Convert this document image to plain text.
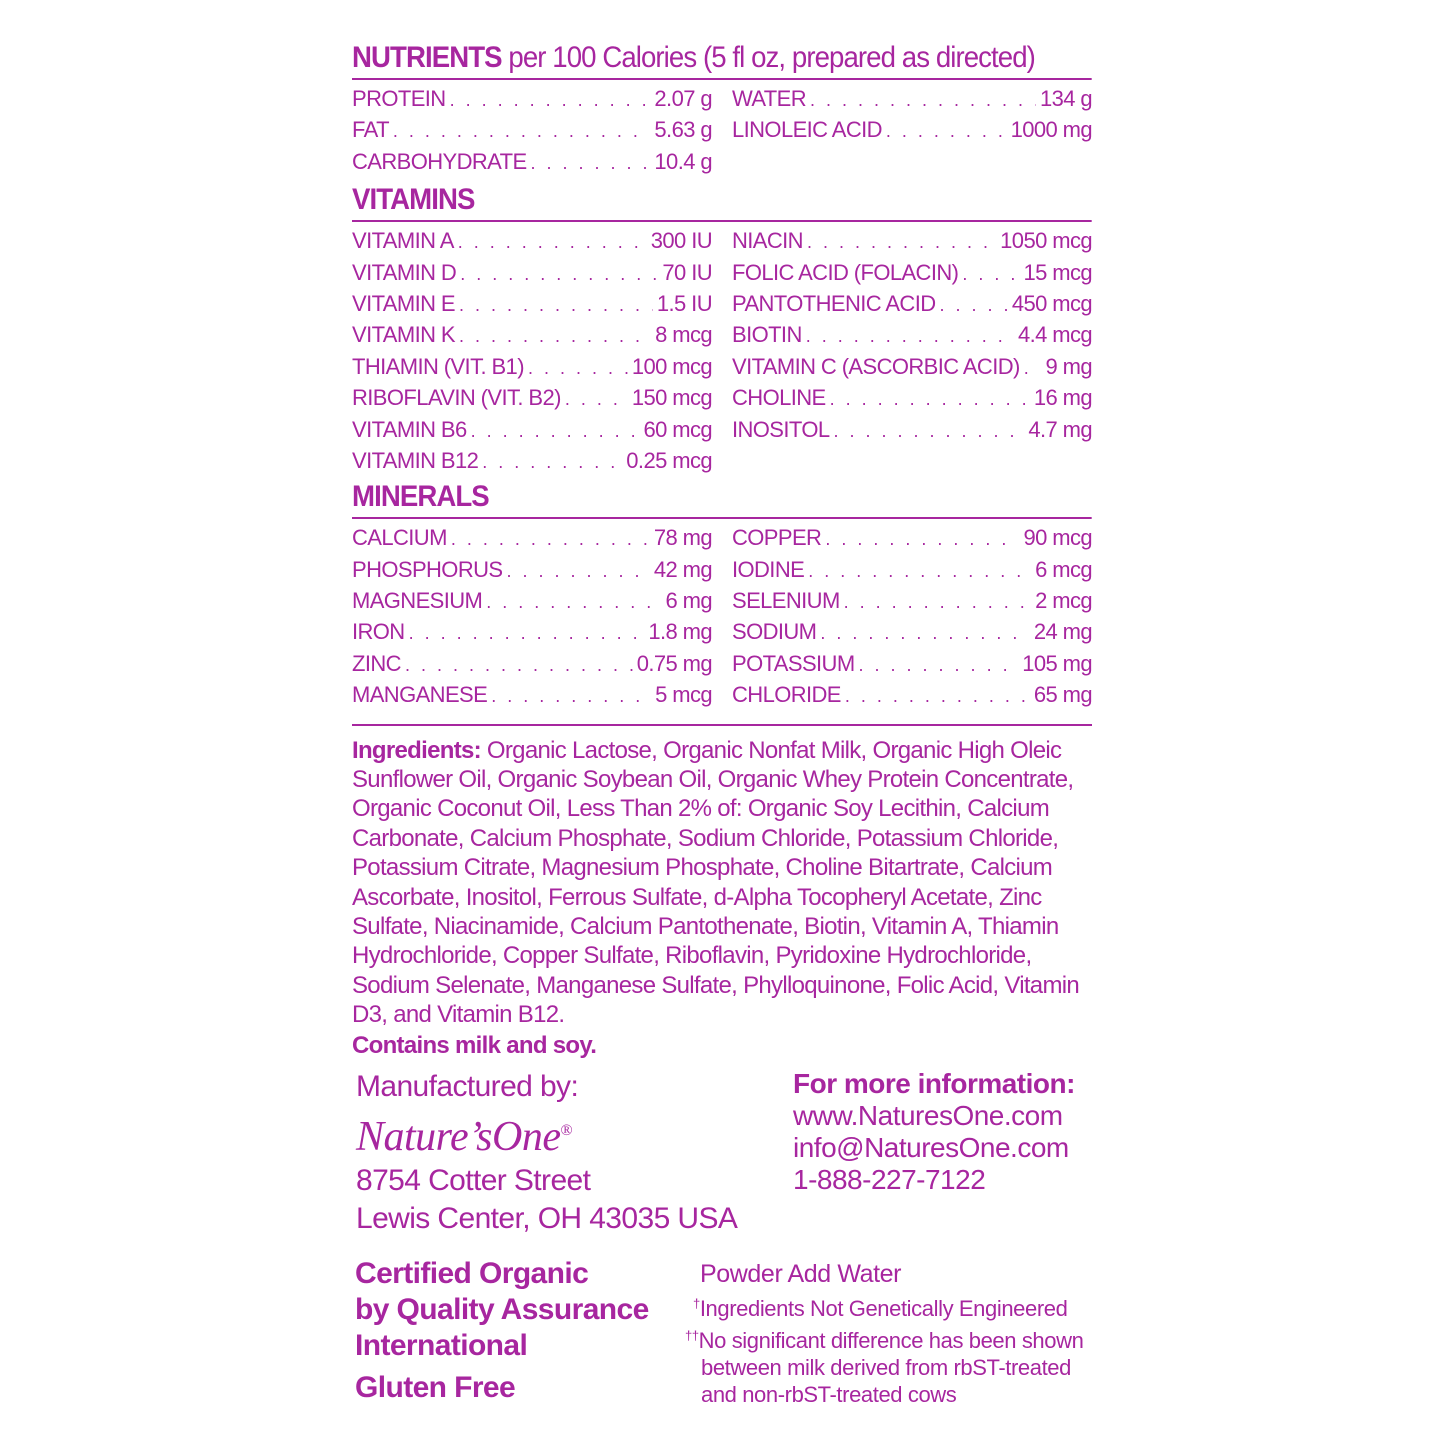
NUTRIENTS per 100 Calories (5 fl oz, prepared as directed)
PROTEIN . . .	2.07 g
FAT . . .	5.63 g
CARBOHYDRATE . . .	10.4 g
WATER . . .	134 g
LINOLEIC ACID . . .	1000 mg
VITAMINS
VITAMIN A . . .	300 IU
VITAMIN D . . .	70 IU
VITAMIN E . . .	1.5 IU
VITAMIN K . . .	8 mcg
THIAMIN (VIT. B1) . . .	100 mcg
RIBOFLAVIN (VIT. B2) . . .	150 mcg
VITAMIN B6 . . .	60 mcg
VITAMIN B12 . . .	0.25 mcg
NIACIN . . .	1050 mcg
FOLIC ACID (FOLACIN) . . .	15 mcg
PANTOTHENIC ACID . . .	450 mcg
BIOTIN . . .	4.4 mcg
VITAMIN C (ASCORBIC ACID) . . . 9 mg
CHOLINE . . .	16 mg
INOSITOL . . .	4.7 mg
MINERALS
CALCIUM . . .	78 mg
PHOSPHORUS . . .	42 mg
MAGNESIUM . . .	6 mg
IRON . . .	1.8 mg
ZINC . . .	0.75 mg
MANGANESE . . .	5 mcg
COPPER . . .	90 mcg
IODINE . . .	6 mcg
SELENIUM . . .	2 mcg
SODIUM . . .	24 mg
POTASSIUM . . .	105 mg
CHLORIDE . . .	65 mg
Ingredients: Organic Lactose, Organic Nonfat Milk, Organic High Oleic Sunflower Oil, Organic Soybean Oil, Organic Whey Protein Concentrate, Organic Coconut Oil, Less Than 2% of: Organic Soy Lecithin, Calcium Carbonate, Calcium Phosphate, Sodium Chloride, Potassium Chloride, Potassium Citrate, Magnesium Phosphate, Choline Bitartrate, Calcium Ascorbate, Inositol, Ferrous Sulfate, d-Alpha Tocopheryl Acetate, Zinc Sulfate, Niacinamide, Calcium Pantothenate, Biotin, Vitamin A, Thiamin Hydrochloride, Copper Sulfate, Riboflavin, Pyridoxine Hydrochloride, Sodium Selenate, Manganese Sulfate, Phylloquinone, Folic Acid, Vitamin D3, and Vitamin B12.
Contains milk and soy.
Manufactured by:
Nature’sOne®
8754 Cotter Street
Lewis Center, OH 43035 USA
For more information:
www.NaturesOne.com
info@NaturesOne.com
1-888-227-7122
Certified Organic
by Quality Assurance
International
Gluten Free
Powder Add Water
†Ingredients Not Genetically Engineered
††No significant difference has been shown
between milk derived from rbST-treated
and non-rbST-treated cows
